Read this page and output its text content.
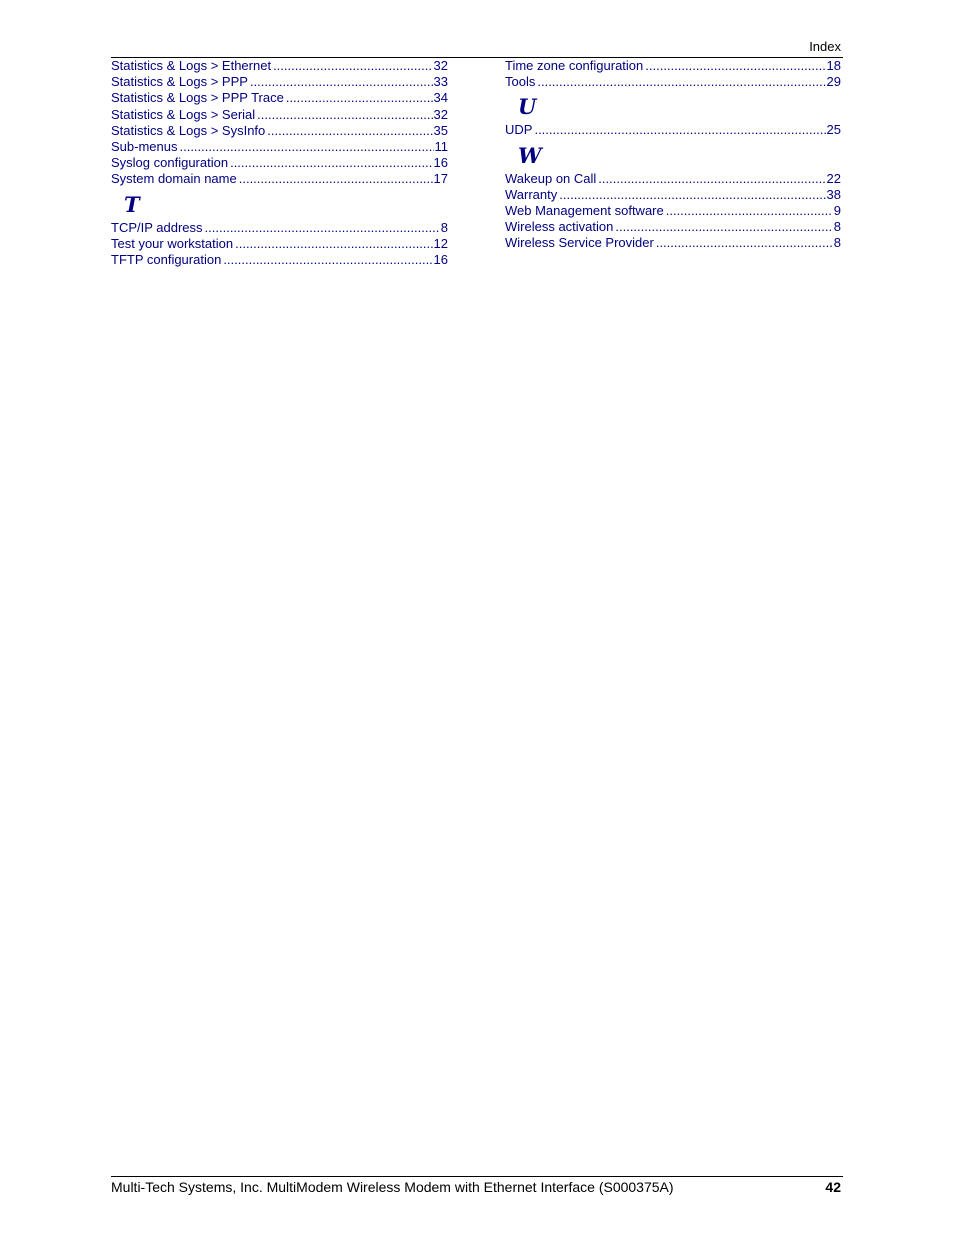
Index
Statistics & Logs > Ethernet .....	32
Statistics & Logs > PPP .....	33
Statistics & Logs > PPP Trace .....	34
Statistics & Logs > Serial .....	32
Statistics & Logs > SysInfo .....	35
Sub-menus .....	11
Syslog configuration .....	16
System domain name .....	17
T
TCP/IP address .....	8
Test your workstation .....	12
TFTP configuration .....	16
Time zone configuration .....	18
Tools .....	29
U
UDP .....	25
W
Wakeup on Call .....	22
Warranty .....	38
Web Management software .....	9
Wireless activation .....	8
Wireless Service Provider .....	8
Multi-Tech Systems, Inc. MultiModem Wireless Modem with Ethernet Interface (S000375A)	42
